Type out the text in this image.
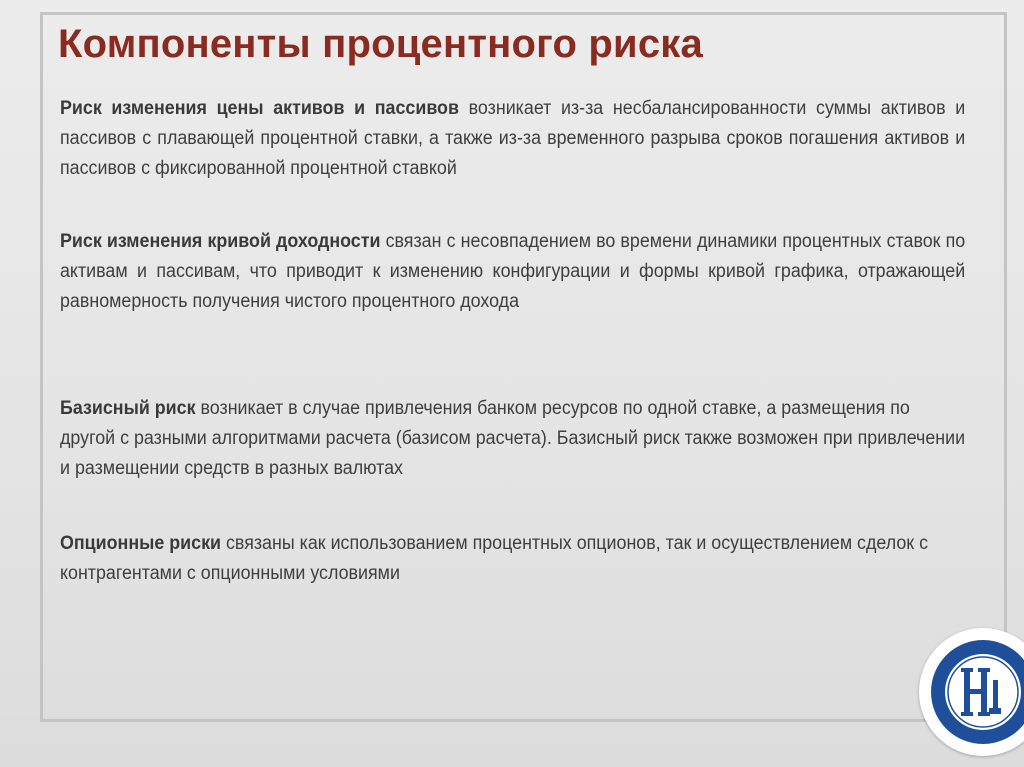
Компоненты процентного риска

Риск изменения цены активов и пассивов возникает из-за несбалансированности суммы активов и пассивов с плавающей процентной ставки, а также из-за временного разрыва сроков погашения активов и пассивов с фиксированной процентной ставкой

Риск изменения кривой доходности связан с несовпадением во времени динамики процентных ставок по активам и пассивам, что приводит к изменению конфигурации и формы кривой графика, отражающей равномерность получения чистого процентного дохода

Базисный риск возникает в случае привлечения банком ресурсов по одной ставке, а размещения по другой с разными алгоритмами расчета (базисом расчета). Базисный риск также возможен при привлечении и размещении средств в разных валютах

Опционные риски связаны как использованием процентных опционов, так и осуществлением сделок с контрагентами с опционными условиями
